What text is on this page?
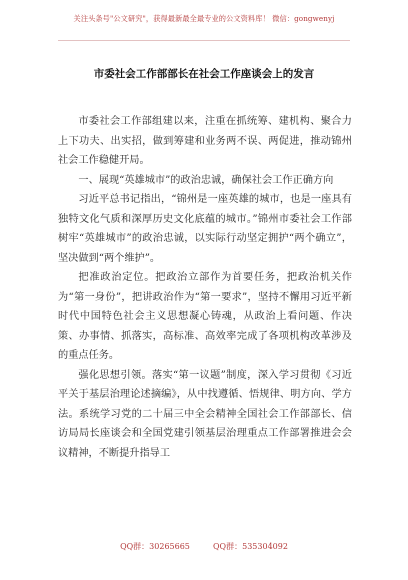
关注头条号"公文研究"，获得最新最全最专业的公文资料库！ 微信：gongwenyj
市委社会工作部部长在社会工作座谈会上的发言

市委社会工作部组建以来，注重在抓统筹、建机构、聚合力上下功夫、出实招，做到筹建和业务两不误、两促进，推动锦州社会工作稳健开局。

一、展现“英雄城市”的政治忠诚，确保社会工作正确方向

习近平总书记指出，“锦州是一座英雄的城市，也是一座具有独特文化气质和深厚历史文化底蕴的城市。”锦州市委社会工作部树牢“英雄城市”的政治忠诚，以实际行动坚定拥护“两个确立”，坚决做到“两个维护”。

把准政治定位。把政治立部作为首要任务，把政治机关作为“第一身份”，把讲政治作为“第一要求”，坚持不懈用习近平新时代中国特色社会主义思想凝心铸魂，从政治上看问题、作决策、办事情、抓落实，高标准、高效率完成了各项机构改革涉及的重点任务。

强化思想引领。落实“第一议题”制度，深入学习贯彻《习近平关于基层治理论述摘编》，从中找遵循、悟规律、明方向、学方法。系统学习党的二十届三中全会精神全国社会工作部部长、信访局局长座谈会和全国党建引领基层治理重点工作部署推进会会议精神，不断提升指导工

QQ群：30265665	QQ群：535304092
